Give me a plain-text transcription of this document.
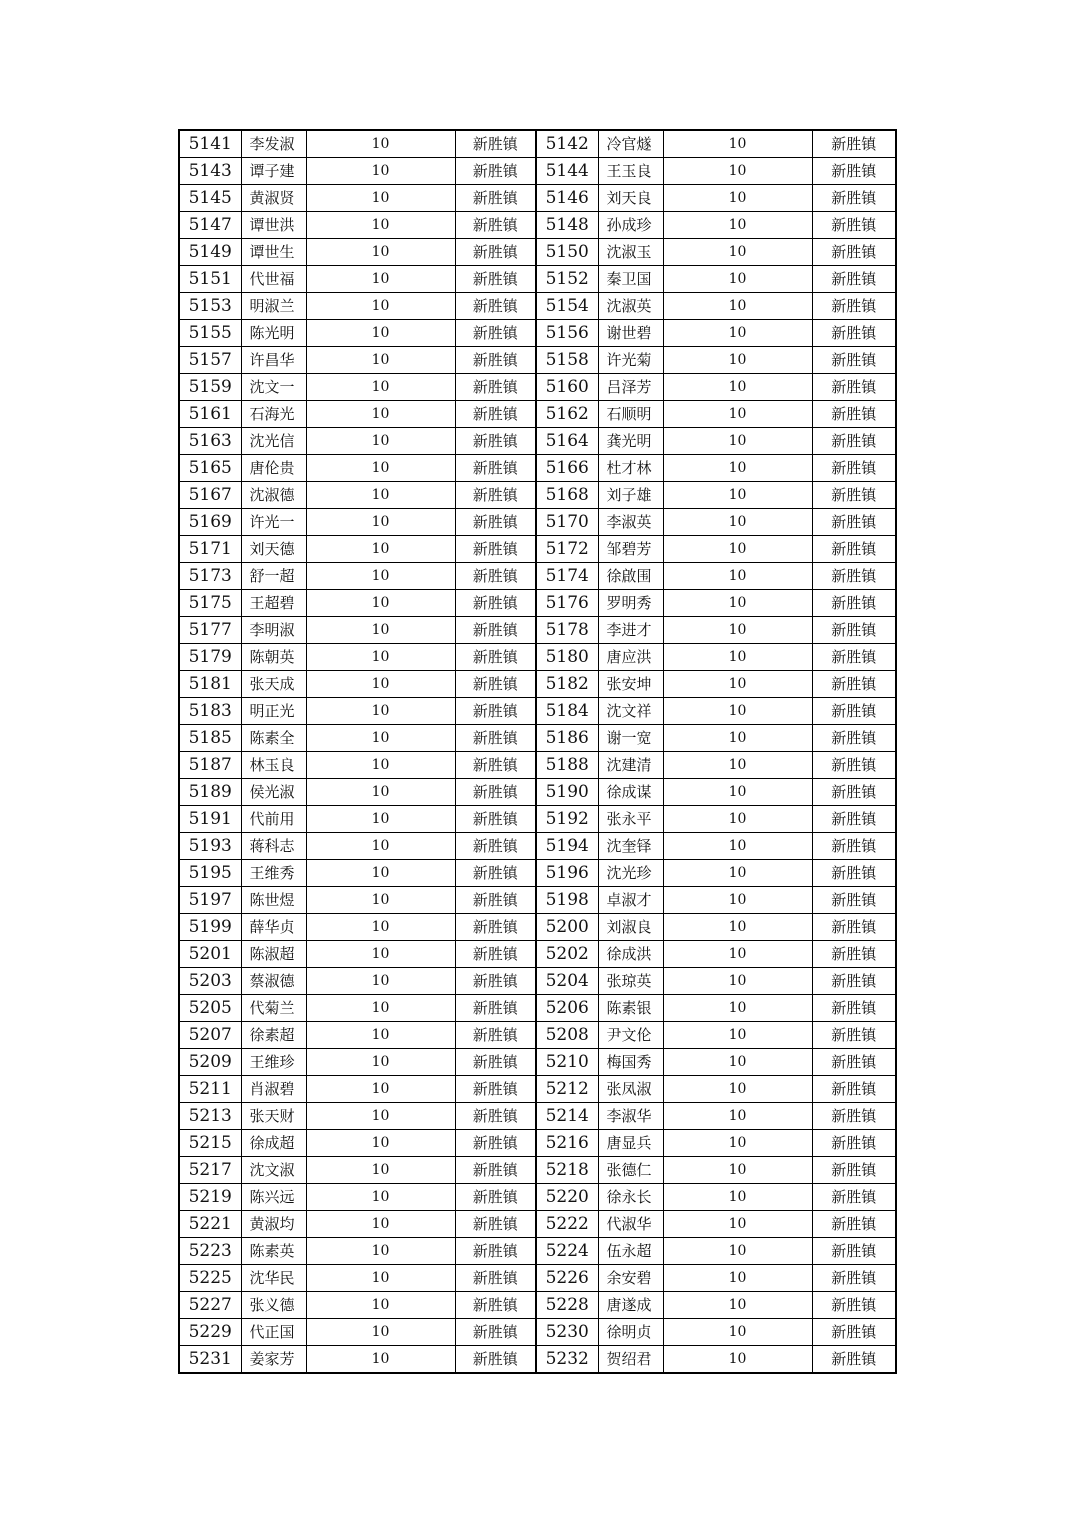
5141	李发淑	10	新胜镇	5142	冷官燧	10	新胜镇
5143	谭子建	10	新胜镇	5144	王玉良	10	新胜镇
5145	黄淑贤	10	新胜镇	5146	刘天良	10	新胜镇
5147	谭世洪	10	新胜镇	5148	孙成珍	10	新胜镇
5149	谭世生	10	新胜镇	5150	沈淑玉	10	新胜镇
5151	代世福	10	新胜镇	5152	秦卫国	10	新胜镇
5153	明淑兰	10	新胜镇	5154	沈淑英	10	新胜镇
5155	陈光明	10	新胜镇	5156	谢世碧	10	新胜镇
5157	许昌华	10	新胜镇	5158	许光菊	10	新胜镇
5159	沈文一	10	新胜镇	5160	吕泽芳	10	新胜镇
5161	石海光	10	新胜镇	5162	石顺明	10	新胜镇
5163	沈光信	10	新胜镇	5164	龚光明	10	新胜镇
5165	唐伦贵	10	新胜镇	5166	杜才林	10	新胜镇
5167	沈淑德	10	新胜镇	5168	刘子雄	10	新胜镇
5169	许光一	10	新胜镇	5170	李淑英	10	新胜镇
5171	刘天德	10	新胜镇	5172	邹碧芳	10	新胜镇
5173	舒一超	10	新胜镇	5174	徐啟围	10	新胜镇
5175	王超碧	10	新胜镇	5176	罗明秀	10	新胜镇
5177	李明淑	10	新胜镇	5178	李进才	10	新胜镇
5179	陈朝英	10	新胜镇	5180	唐应洪	10	新胜镇
5181	张天成	10	新胜镇	5182	张安坤	10	新胜镇
5183	明正光	10	新胜镇	5184	沈文祥	10	新胜镇
5185	陈素全	10	新胜镇	5186	谢一宽	10	新胜镇
5187	林玉良	10	新胜镇	5188	沈建清	10	新胜镇
5189	侯光淑	10	新胜镇	5190	徐成谋	10	新胜镇
5191	代前用	10	新胜镇	5192	张永平	10	新胜镇
5193	蒋科志	10	新胜镇	5194	沈奎铎	10	新胜镇
5195	王维秀	10	新胜镇	5196	沈光珍	10	新胜镇
5197	陈世煜	10	新胜镇	5198	卓淑才	10	新胜镇
5199	薛华贞	10	新胜镇	5200	刘淑良	10	新胜镇
5201	陈淑超	10	新胜镇	5202	徐成洪	10	新胜镇
5203	蔡淑德	10	新胜镇	5204	张琼英	10	新胜镇
5205	代菊兰	10	新胜镇	5206	陈素银	10	新胜镇
5207	徐素超	10	新胜镇	5208	尹文伦	10	新胜镇
5209	王维珍	10	新胜镇	5210	梅国秀	10	新胜镇
5211	肖淑碧	10	新胜镇	5212	张凤淑	10	新胜镇
5213	张天财	10	新胜镇	5214	李淑华	10	新胜镇
5215	徐成超	10	新胜镇	5216	唐显兵	10	新胜镇
5217	沈文淑	10	新胜镇	5218	张德仁	10	新胜镇
5219	陈兴远	10	新胜镇	5220	徐永长	10	新胜镇
5221	黄淑均	10	新胜镇	5222	代淑华	10	新胜镇
5223	陈素英	10	新胜镇	5224	伍永超	10	新胜镇
5225	沈华民	10	新胜镇	5226	余安碧	10	新胜镇
5227	张义德	10	新胜镇	5228	唐遂成	10	新胜镇
5229	代正国	10	新胜镇	5230	徐明贞	10	新胜镇
5231	姜家芳	10	新胜镇	5232	贺绍君	10	新胜镇
